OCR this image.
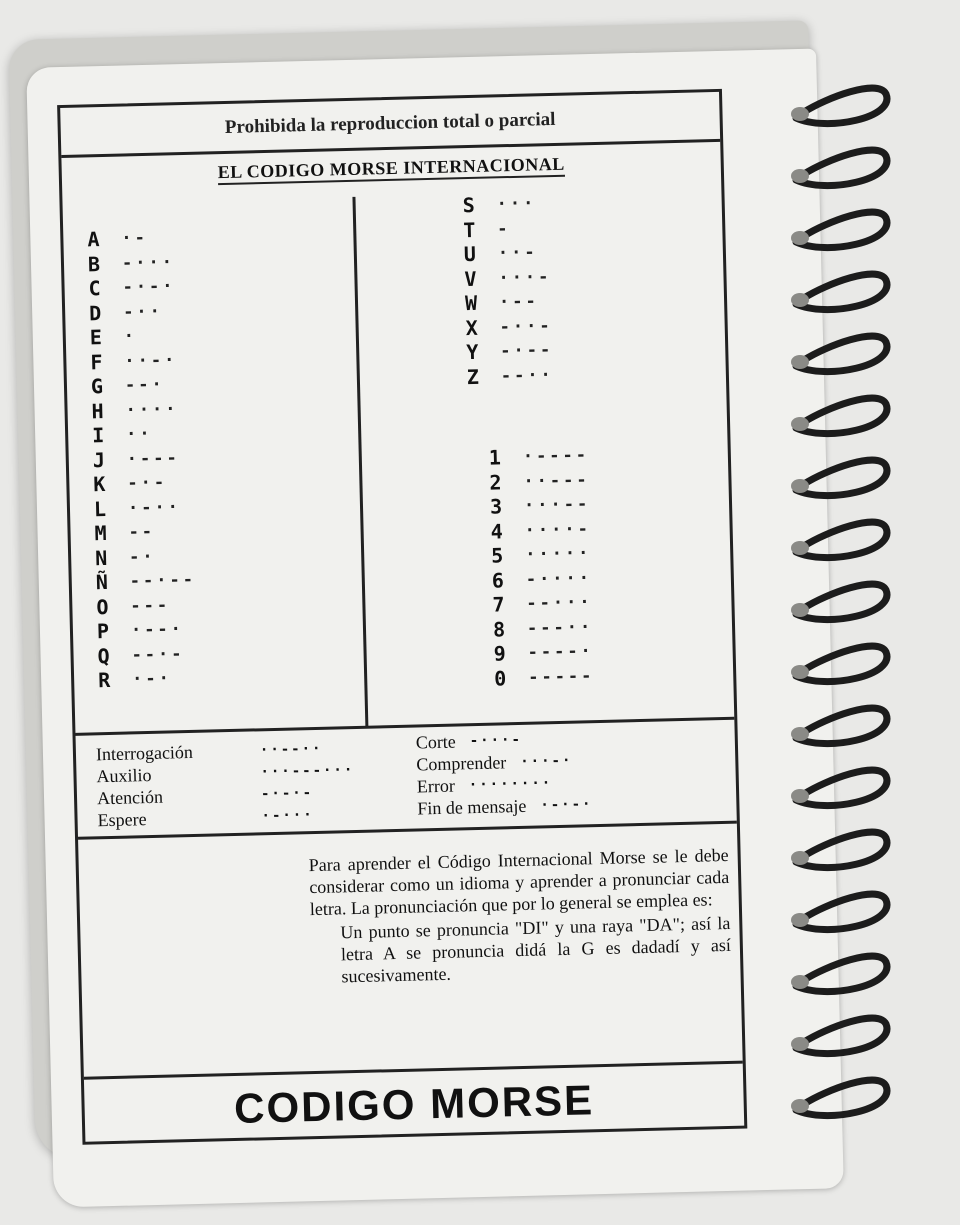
Prohibida la reproduccion total o parcial
EL CODIGO MORSE INTERNACIONAL
A	·-
B	-···
C	-·-·
D	-··
E	·
F	··-·
G	--·
H	····
I	··
J	·---
K	-·-
L	·-··
M	--
N	-·
Ñ	--·--
O	---
P	·--·
Q	--·-
R	·-·
S	···
T	-
U	··-
V	···-
W	·--
X	-··-
Y	-·--
Z	--··
1	·----
2	··---
3	···--
4	····-
5	·····
6	-····
7	--···
8	---··
9	----·
0	-----
Interrogación	··--··
Auxilio	···---···
Atención	-·-·-
Espere	·-···
Corte -···-
Comprender ···-·
Error ········
Fin de mensaje ·-·-·

Para aprender el Código Internacional Morse se le debe considerar como un idioma y aprender a pronunciar cada letra. La pronunciación que por lo general se emplea es:

Un punto se pronuncia "DI" y una raya "DA"; así la letra A se pronuncia didá la G es dadadí y así sucesivamente.

CODIGO MORSE
